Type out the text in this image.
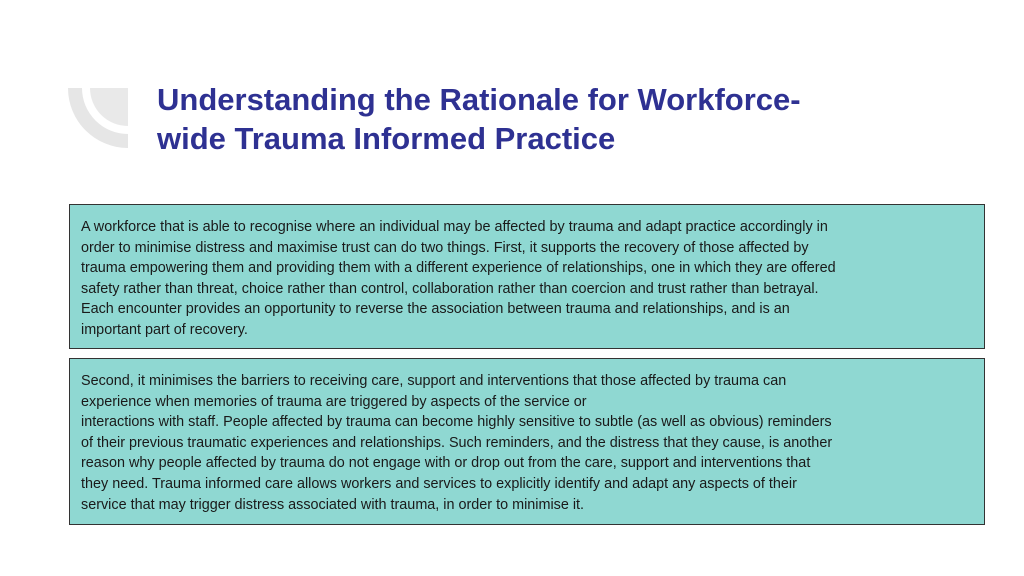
Understanding the Rationale for Workforce-
wide Trauma Informed Practice

A workforce that is able to recognise where an individual may be affected by trauma and adapt practice accordingly in
order to minimise distress and maximise trust can do two things. First, it supports the recovery of those affected by
trauma empowering them and providing them with a different experience of relationships, one in which they are offered
safety rather than threat, choice rather than control, collaboration rather than coercion and trust rather than betrayal.
Each encounter provides an opportunity to reverse the association between trauma and relationships, and is an
important part of recovery.

Second, it minimises the barriers to receiving care, support and interventions that those affected by trauma can
experience when memories of trauma are triggered by aspects of the service or
interactions with staff. People affected by trauma can become highly sensitive to subtle (as well as obvious) reminders
of their previous traumatic experiences and relationships. Such reminders, and the distress that they cause, is another
reason why people affected by trauma do not engage with or drop out from the care, support and interventions that
they need. Trauma informed care allows workers and services to explicitly identify and adapt any aspects of their
service that may trigger distress associated with trauma, in order to minimise it.
